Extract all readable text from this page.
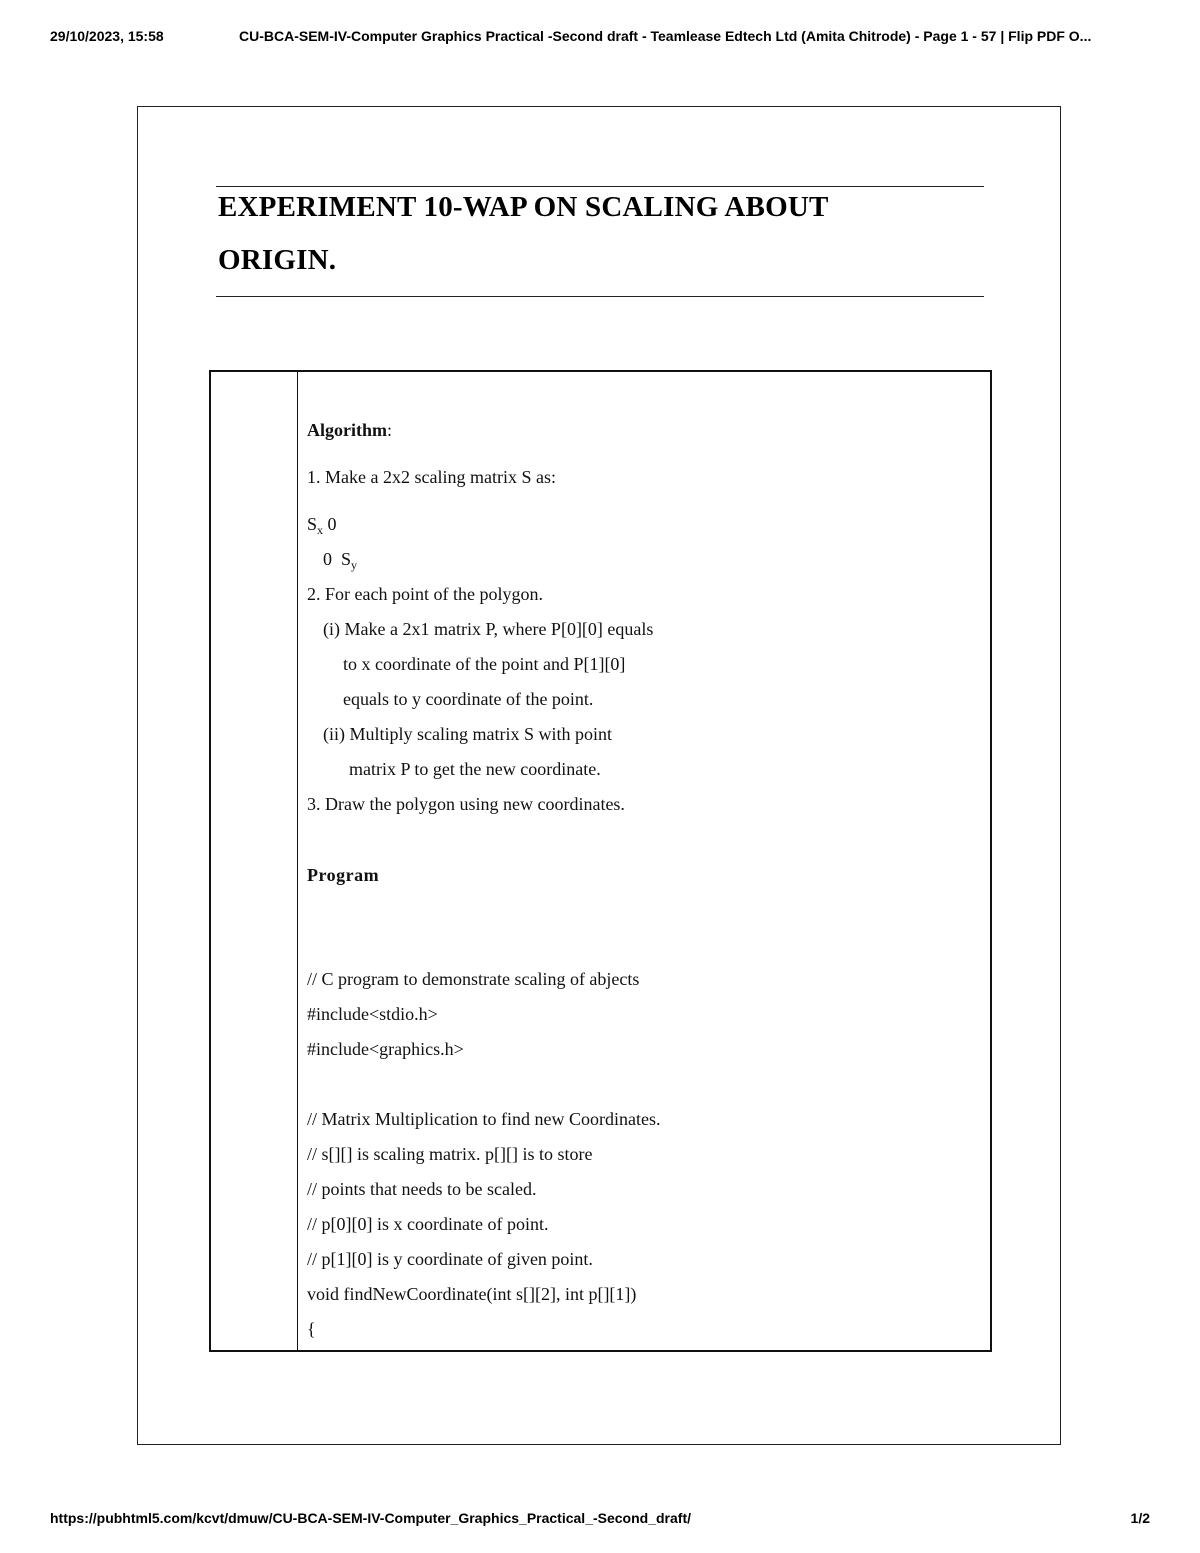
29/10/2023, 15:58	CU-BCA-SEM-IV-Computer Graphics Practical -Second draft - Teamlease Edtech Ltd (Amita Chitrode) - Page 1 - 57 | Flip PDF O...
EXPERIMENT 10-WAP ON SCALING ABOUT
ORIGIN.
Algorithm:
1. Make a 2x2 scaling matrix S as:
$S_x$ 0
0  $S_y$
2. For each point of the polygon.
(i) Make a 2x1 matrix P, where P[0][0] equals
to x coordinate of the point and P[1][0]
equals to y coordinate of the point.
(ii) Multiply scaling matrix S with point
matrix P to get the new coordinate.
3. Draw the polygon using new coordinates.
Program
// C program to demonstrate scaling of abjects
#include<stdio.h>
#include<graphics.h>
// Matrix Multiplication to find new Coordinates.
// s[][] is scaling matrix. p[][] is to store
// points that needs to be scaled.
// p[0][0] is x coordinate of point.
// p[1][0] is y coordinate of given point.
void findNewCoordinate(int s[][2], int p[][1])
{
https://pubhtml5.com/kcvt/dmuw/CU-BCA-SEM-IV-Computer_Graphics_Practical_-Second_draft/	1/2
